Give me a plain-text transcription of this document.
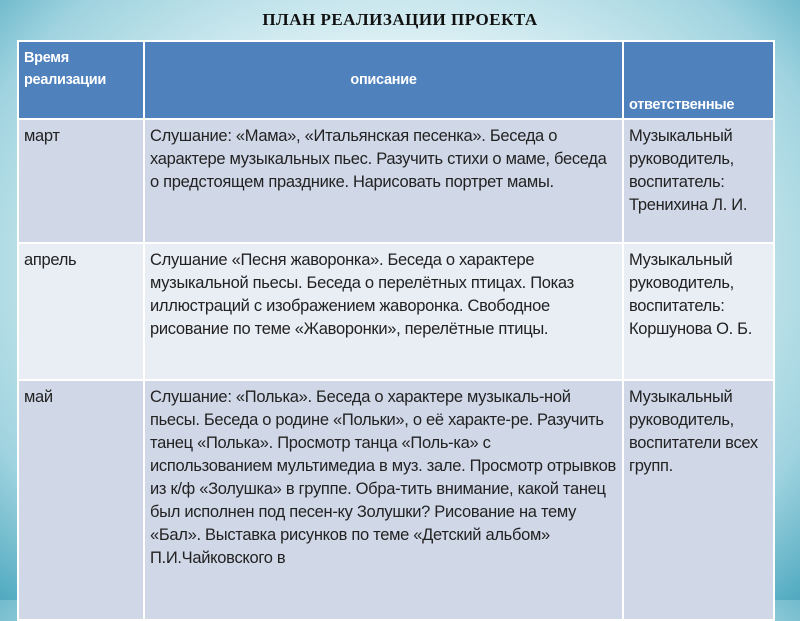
ПЛАН РЕАЛИЗАЦИИ ПРОЕКТА
Время реализации	описание	ответственные
март	Слушание: «Мама», «Итальянская песенка». Беседа о характере музыкальных пьес. Разучить стихи о маме, беседа о предстоящем празднике. Нарисовать портрет мамы.	Музыкальный руководитель, воспитатель: Тренихина Л. И.
апрель	Слушание «Песня жаворонка». Беседа о характере музыкальной пьесы. Беседа о перелётных птицах. Показ иллюстраций с изображением жаворонка. Свободное рисование по теме «Жаворонки», перелётные птицы.	Музыкальный руководитель, воспитатель: Коршунова О. Б.
май	Слушание: «Полька». Беседа о характере музыкаль-ной пьесы. Беседа о родине «Польки», о её характе-ре. Разучить танец «Полька». Просмотр танца «Поль-ка» с использованием мультимедиа в муз. зале. Просмотр отрывков из к/ф «Золушка» в группе. Обра-тить внимание, какой танец был исполнен под песен-ку Золушки? Рисование на тему «Бал». Выставка рисунков по теме «Детский альбом» П.И.Чайковского в	Музыкальный руководитель, воспитатели всех групп.
